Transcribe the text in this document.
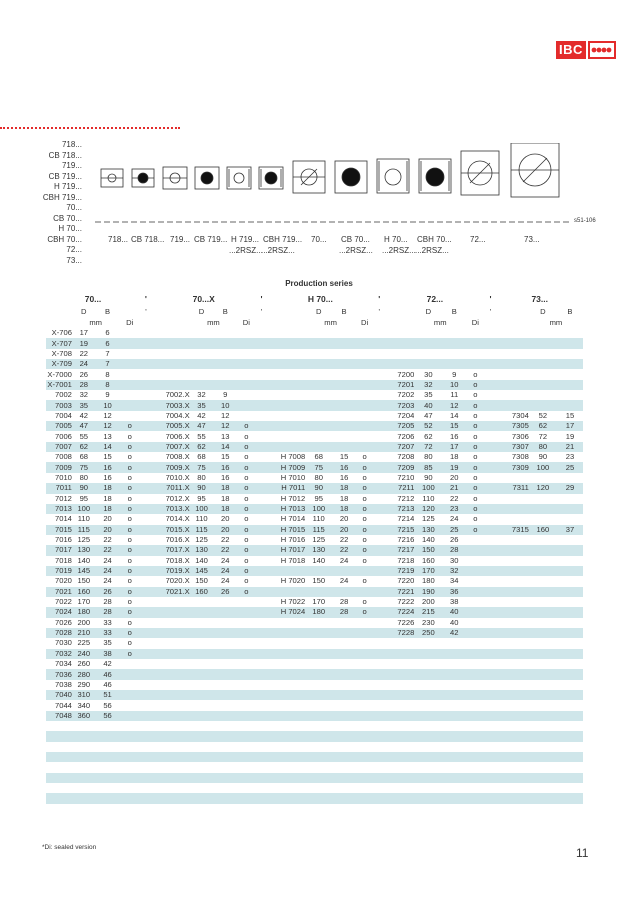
IBC
718...
CB 718...
719...
CB 719...
H 719...
CBH 719...
70...
CB 70...
H 70...
CBH 70...
72...
73...
s51-106
718... CB 718... 719... CB 719... H 719...
...2RSZ...
CBH 719...
...2RSZ...
70... CB 70...
...2RSZ...
H 70...
...2RSZ...
CBH 70...
...2RSZ...
72...	73...
Production series
70...				'	70...X				'	H 70...				'	72...				'	73...		
	D	B		'		D	B		'		D	B		'		D	B		'		D	B
	mm		Di			mm		Di			mm		Di			mm		Di			mm	
X-706	17	6																				
X-707	19	6																				
X-708	22	7																				
X-709	24	7																				
X-7000	26	8													7200	30	9	o				
X-7001	28	8													7201	32	10	o				
7002	32	9			7002.X	32	9								7202	35	11	o				
7003	35	10			7003.X	35	10								7203	40	12	o				
7004	42	12			7004.X	42	12								7204	47	14	o		7304	52	15
7005	47	12	o		7005.X	47	12	o							7205	52	15	o		7305	62	17
7006	55	13	o		7006.X	55	13	o							7206	62	16	o		7306	72	19
7007	62	14	o		7007.X	62	14	o							7207	72	17	o		7307	80	21
7008	68	15	o		7008.X	68	15	o		H 7008	68	15	o		7208	80	18	o		7308	90	23
7009	75	16	o		7009.X	75	16	o		H 7009	75	16	o		7209	85	19	o		7309	100	25
7010	80	16	o		7010.X	80	16	o		H 7010	80	16	o		7210	90	20	o				
7011	90	18	o		7011.X	90	18	o		H 7011	90	18	o		7211	100	21	o		7311	120	29
7012	95	18	o		7012.X	95	18	o		H 7012	95	18	o		7212	110	22	o				
7013	100	18	o		7013.X	100	18	o		H 7013	100	18	o		7213	120	23	o				
7014	110	20	o		7014.X	110	20	o		H 7014	110	20	o		7214	125	24	o				
7015	115	20	o		7015.X	115	20	o		H 7015	115	20	o		7215	130	25	o		7315	160	37
7016	125	22	o		7016.X	125	22	o		H 7016	125	22	o		7216	140	26					
7017	130	22	o		7017.X	130	22	o		H 7017	130	22	o		7217	150	28					
7018	140	24	o		7018.X	140	24	o		H 7018	140	24	o		7218	160	30					
7019	145	24	o		7019.X	145	24	o							7219	170	32					
7020	150	24	o		7020.X	150	24	o		H 7020	150	24	o		7220	180	34					
7021	160	26	o		7021.X	160	26	o							7221	190	36					
7022	170	28	o							H 7022	170	28	o		7222	200	38					
7024	180	28	o							H 7024	180	28	o		7224	215	40					
7026	200	33	o												7226	230	40					
7028	210	33	o												7228	250	42					
7030	225	35	o																			
7032	240	38	o																			
7034	260	42																				
7036	280	46																				
7038	290	46																				
7040	310	51																				
7044	340	56																				
7048	360	56																				

*Di: sealed version	11
